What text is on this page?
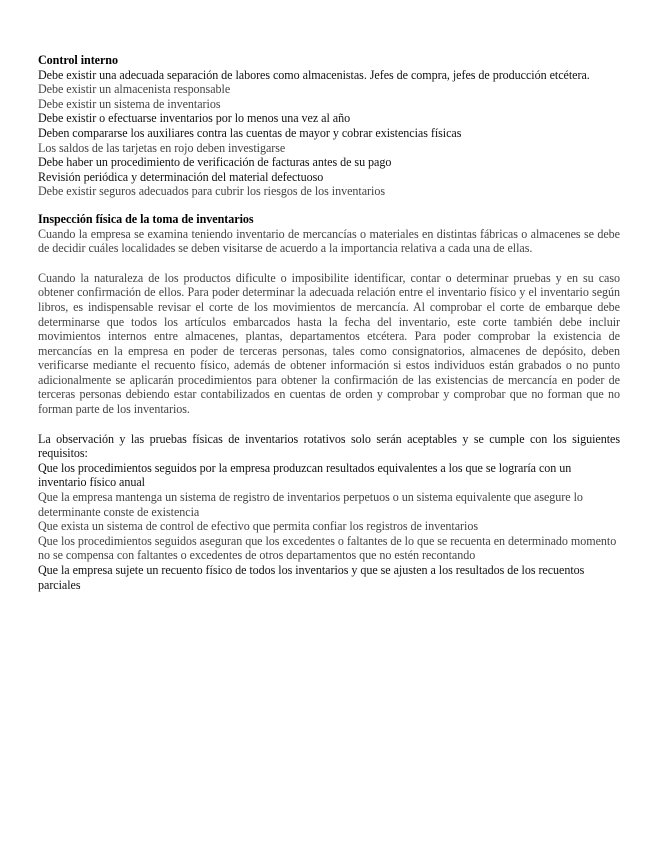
Control interno
Debe existir una adecuada separación de labores como almacenistas. Jefes de compra, jefes de producción etcétera.
Debe existir un almacenista responsable
Debe existir un sistema de inventarios
Debe existir o efectuarse inventarios por lo menos una vez al año
Deben compararse los auxiliares contra las cuentas de mayor y cobrar existencias físicas
Los saldos de las tarjetas en rojo deben investigarse
Debe haber un procedimiento de verificación de facturas antes de su pago
Revisión periódica y determinación del material defectuoso
Debe existir seguros adecuados para cubrir los riesgos de los inventarios
Inspección física de la toma de inventarios
Cuando la empresa se examina teniendo inventario de mercancías o materiales en distintas fábricas o almacenes se debe de decidir cuáles localidades se deben visitarse de acuerdo a la importancia relativa a cada una de ellas.
Cuando la naturaleza de los productos dificulte o imposibilite identificar, contar o determinar pruebas y en su caso obtener confirmación de ellos. Para poder determinar la adecuada relación entre el inventario físico y el inventario según libros, es indispensable revisar el corte de los movimientos de mercancía. Al comprobar el corte de embarque debe determinarse que todos los artículos embarcados hasta la fecha del inventario, este corte también debe incluir movimientos internos entre almacenes, plantas, departamentos etcétera. Para poder comprobar la existencia de mercancías en la empresa en poder de terceras personas, tales como consignatorios, almacenes de depósito, deben verificarse mediante el recuento físico, además de obtener información si estos individuos están grabados o no punto adicionalmente se aplicarán procedimientos para obtener la confirmación de las existencias de mercancía en poder de terceras personas debiendo estar contabilizados en cuentas de orden y comprobar y comprobar que no forman que no forman parte de los inventarios.
La observación y las pruebas físicas de inventarios rotativos solo serán aceptables y se cumple con los siguientes requisitos:
Que los procedimientos seguidos por la empresa produzcan resultados equivalentes a los que se lograría con un inventario físico anual
Que la empresa mantenga un sistema de registro de inventarios perpetuos o un sistema equivalente que asegure lo determinante conste de existencia
Que exista un sistema de control de efectivo que permita confiar los registros de inventarios
Que los procedimientos seguidos aseguran que los excedentes o faltantes de lo que se recuenta en determinado momento no se compensa con faltantes o excedentes de otros departamentos que no estén recontando
Que la empresa sujete un recuento físico de todos los inventarios y que se ajusten a los resultados de los recuentos parciales
